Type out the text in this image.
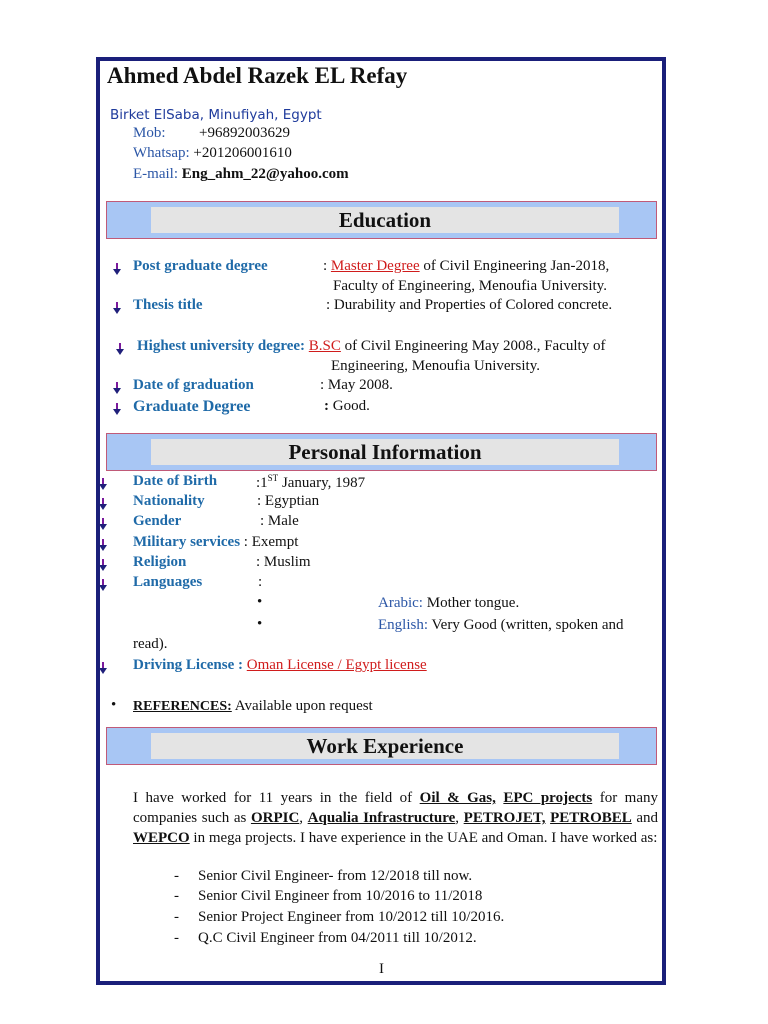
Ahmed Abdel Razek EL Refay
Birket ElSaba, Minufiyah, Egypt
Mob: +96892003629
Whatsap: +201206001610
E-mail: Eng_ahm_22@yahoo.com
Education
Post graduate degree	: Master Degree of Civil Engineering Jan-2018,
Faculty of Engineering, Menoufia University.
Thesis title	: Durability and Properties of Colored concrete.
Highest university degree: B.SC of Civil Engineering May 2008., Faculty of
Engineering, Menoufia University.
Date of graduation	: May 2008.
Graduate Degree	: Good.
Personal Information
Date of Birth	:1ST January, 1987
Nationality	: Egyptian
Gender	: Male
Military services : Exempt
Religion	: Muslim
Languages	:
•	Arabic: Mother tongue.
•	English: Very Good (written, spoken and
read).
Driving License : Oman License / Egypt license
• REFERENCES: Available upon request
Work Experience
I have worked for 11 years in the field of Oil & Gas, EPC projects for many companies such as ORPIC, Aqualia Infrastructure, PETROJET, PETROBEL and WEPCO in mega projects. I have experience in the UAE and Oman. I have worked as:
- Senior Civil Engineer- from 12/2018 till now.
- Senior Civil Engineer from 10/2016 to 11/2018
- Senior Project Engineer from 10/2012 till 10/2016.
- Q.C Civil Engineer from 04/2011 till 10/2012.
I
